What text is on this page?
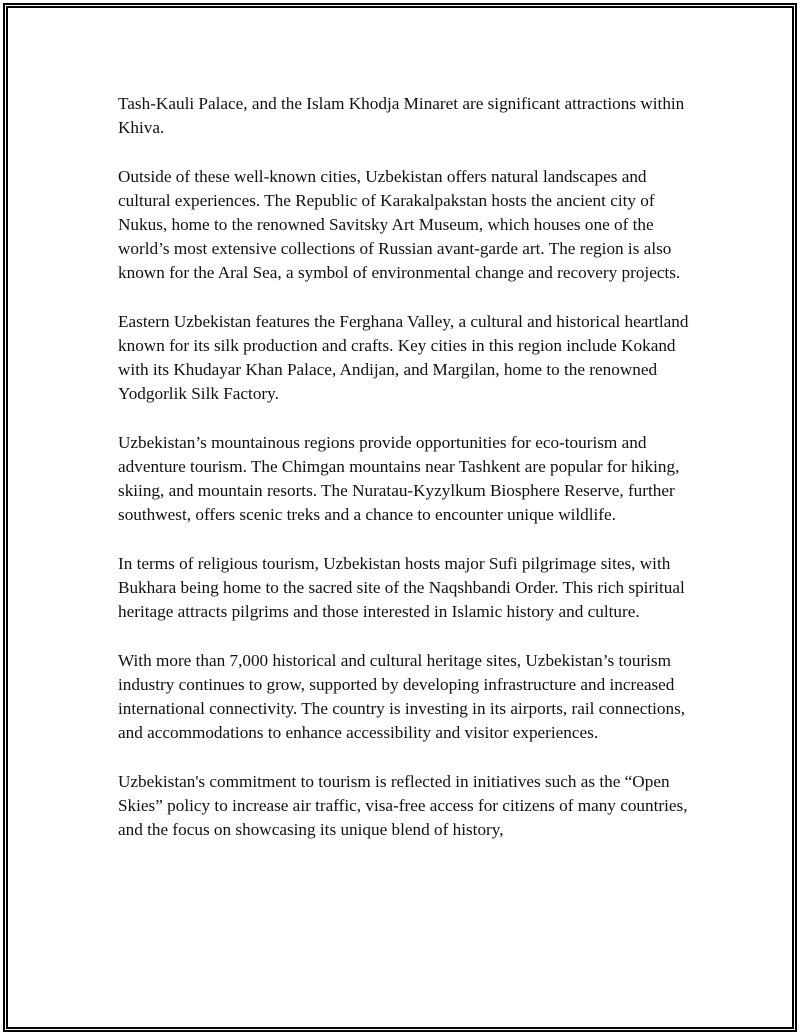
Tash-Kauli Palace, and the Islam Khodja Minaret are significant attractions within Khiva.

Outside of these well-known cities, Uzbekistan offers natural landscapes and cultural experiences. The Republic of Karakalpakstan hosts the ancient city of Nukus, home to the renowned Savitsky Art Museum, which houses one of the world’s most extensive collections of Russian avant-garde art. The region is also known for the Aral Sea, a symbol of environmental change and recovery projects.

Eastern Uzbekistan features the Ferghana Valley, a cultural and historical heartland known for its silk production and crafts. Key cities in this region include Kokand with its Khudayar Khan Palace, Andijan, and Margilan, home to the renowned Yodgorlik Silk Factory.

Uzbekistan’s mountainous regions provide opportunities for eco-tourism and adventure tourism. The Chimgan mountains near Tashkent are popular for hiking, skiing, and mountain resorts. The Nuratau-Kyzylkum Biosphere Reserve, further southwest, offers scenic treks and a chance to encounter unique wildlife.

In terms of religious tourism, Uzbekistan hosts major Sufi pilgrimage sites, with Bukhara being home to the sacred site of the Naqshbandi Order. This rich spiritual heritage attracts pilgrims and those interested in Islamic history and culture.

With more than 7,000 historical and cultural heritage sites, Uzbekistan’s tourism industry continues to grow, supported by developing infrastructure and increased international connectivity. The country is investing in its airports, rail connections, and accommodations to enhance accessibility and visitor experiences.

Uzbekistan's commitment to tourism is reflected in initiatives such as the “Open Skies” policy to increase air traffic, visa-free access for citizens of many countries, and the focus on showcasing its unique blend of history,
